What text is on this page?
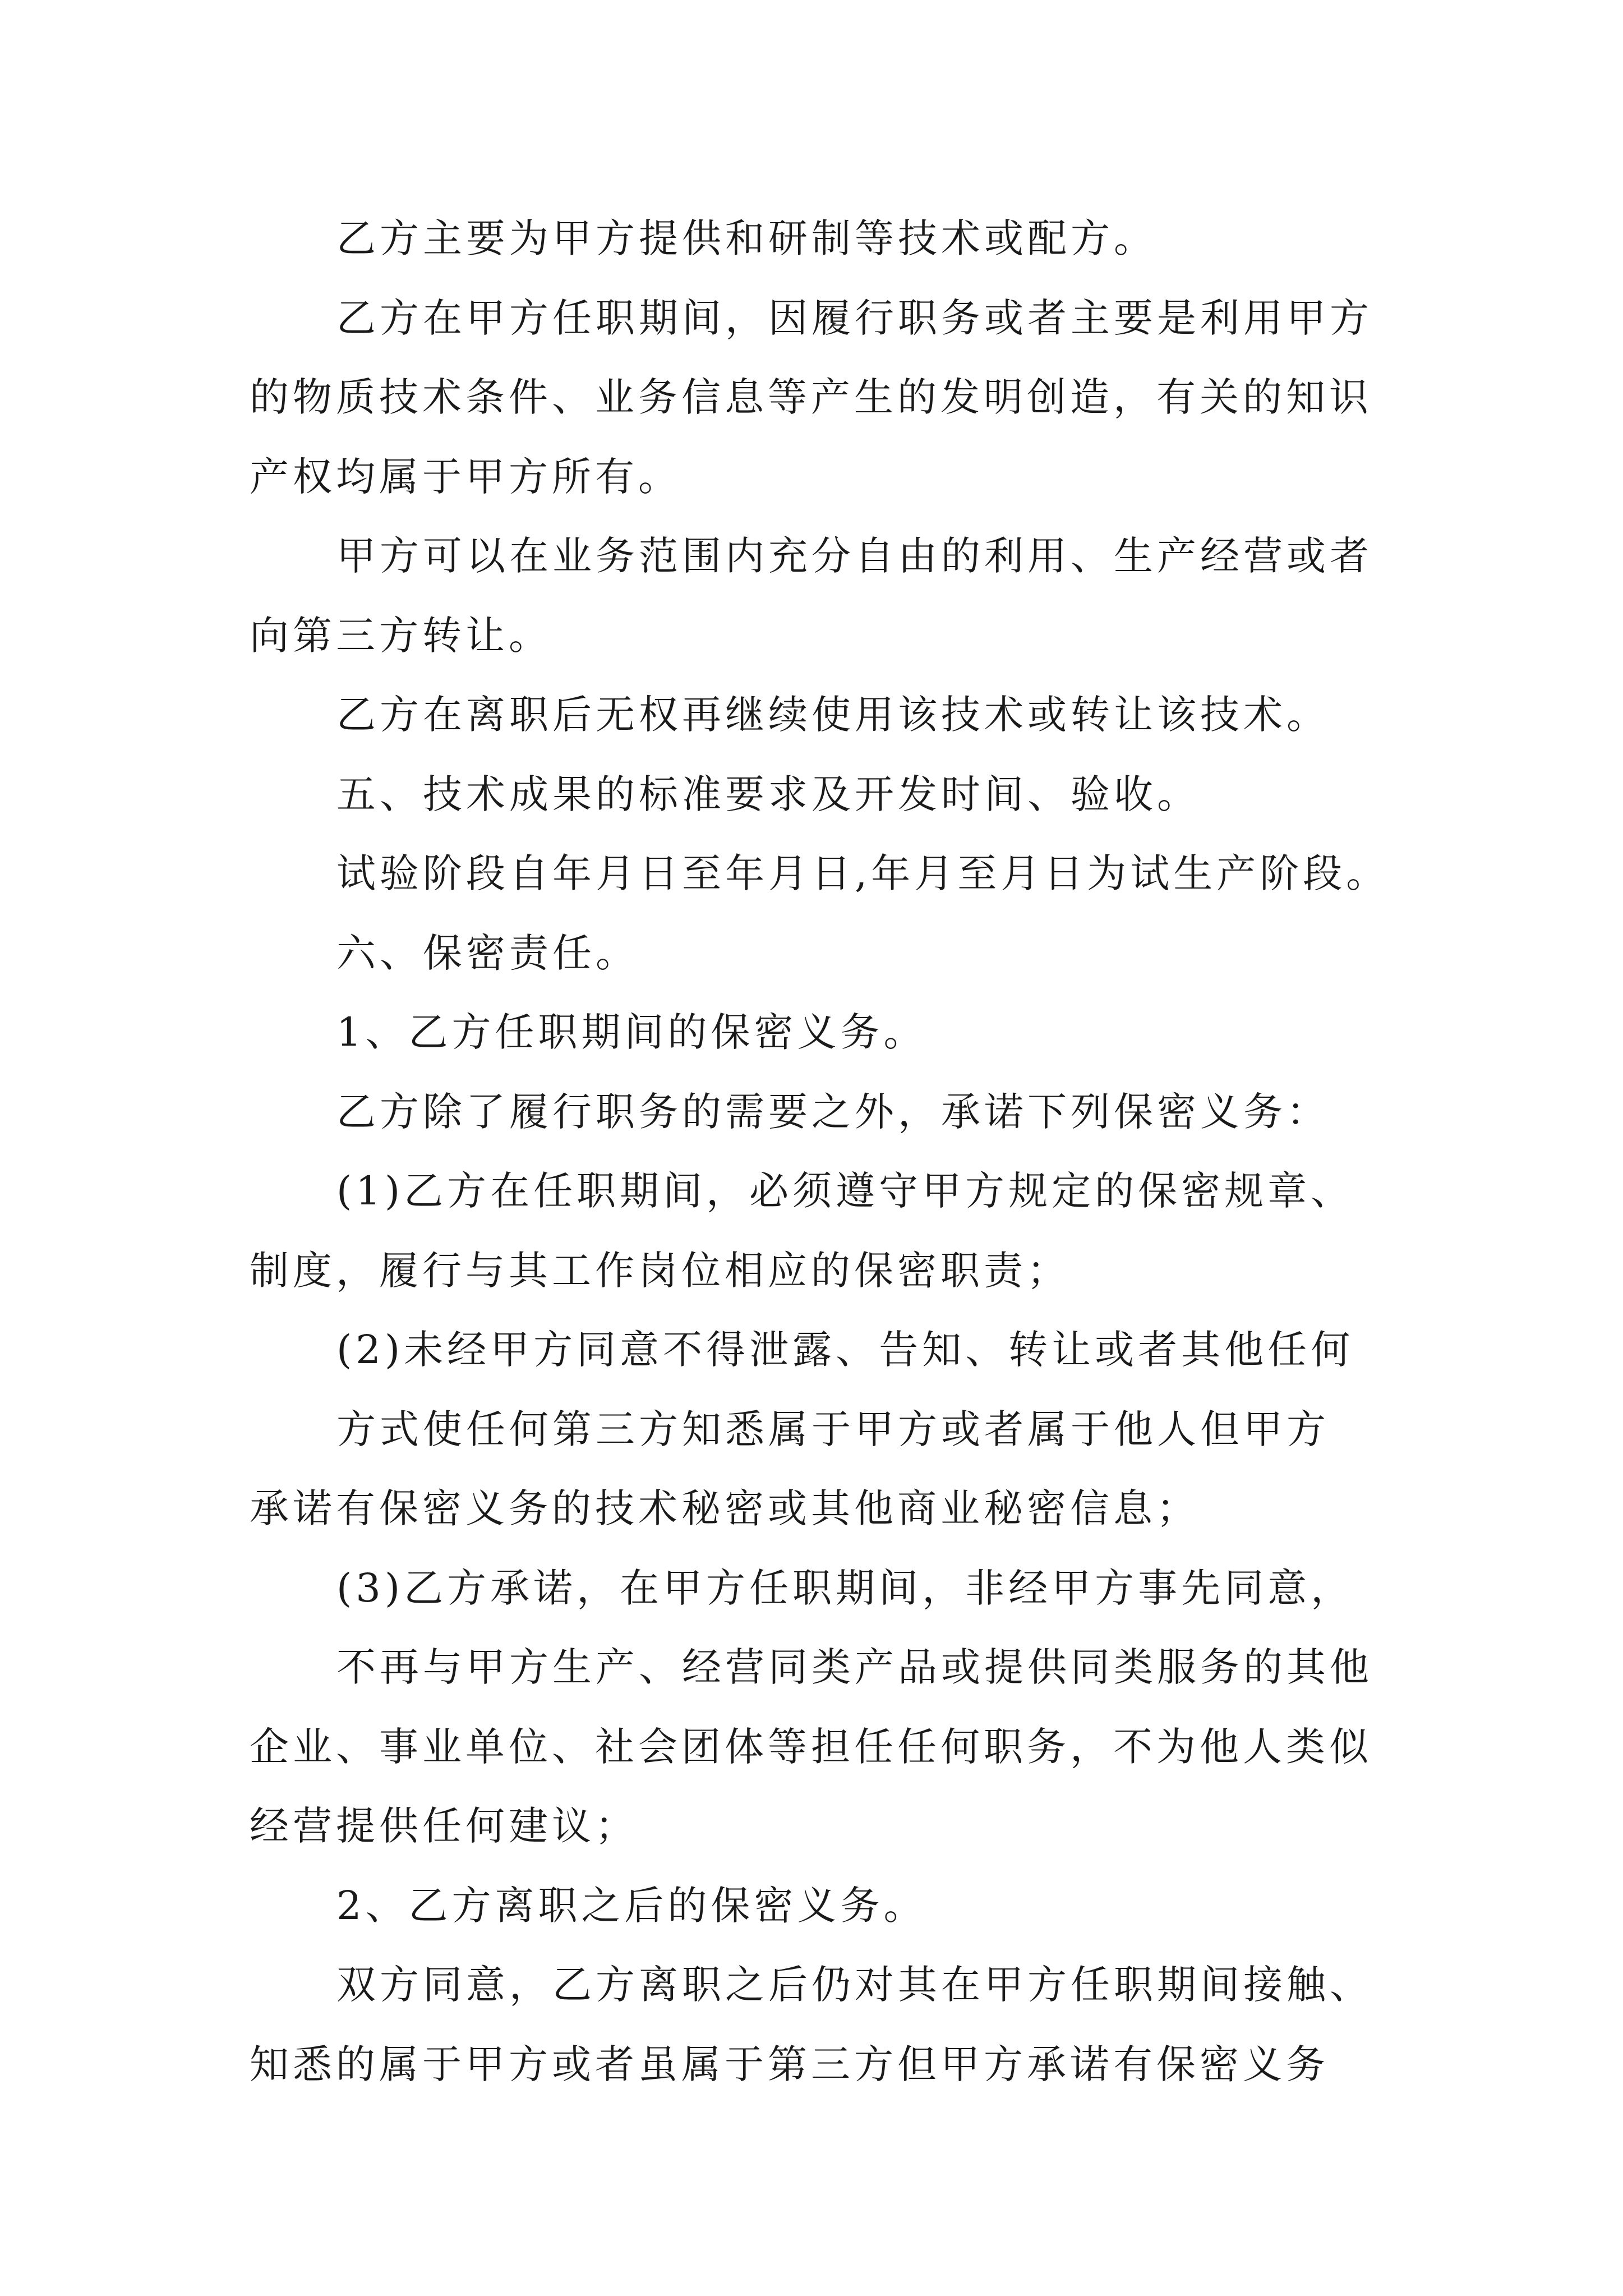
乙方主要为甲方提供和研制等技术或配方。
乙方在甲方任职期间，因履行职务或者主要是利用甲方
的物质技术条件、业务信息等产生的发明创造，有关的知识
产权均属于甲方所有。
甲方可以在业务范围内充分自由的利用、生产经营或者
向第三方转让。
乙方在离职后无权再继续使用该技术或转让该技术。
五、技术成果的标准要求及开发时间、验收。
试验阶段自年月日至年月日,年月至月日为试生产阶段。
六、保密责任。
1、乙方任职期间的保密义务。
乙方除了履行职务的需要之外，承诺下列保密义务：
(1)乙方在任职期间，必须遵守甲方规定的保密规章、
制度，履行与其工作岗位相应的保密职责；
(2)未经甲方同意不得泄露、告知、转让或者其他任何
方式使任何第三方知悉属于甲方或者属于他人但甲方
承诺有保密义务的技术秘密或其他商业秘密信息；
(3)乙方承诺，在甲方任职期间，非经甲方事先同意，
不再与甲方生产、经营同类产品或提供同类服务的其他
企业、事业单位、社会团体等担任任何职务，不为他人类似
经营提供任何建议；
2、乙方离职之后的保密义务。
双方同意，乙方离职之后仍对其在甲方任职期间接触、
知悉的属于甲方或者虽属于第三方但甲方承诺有保密义务
